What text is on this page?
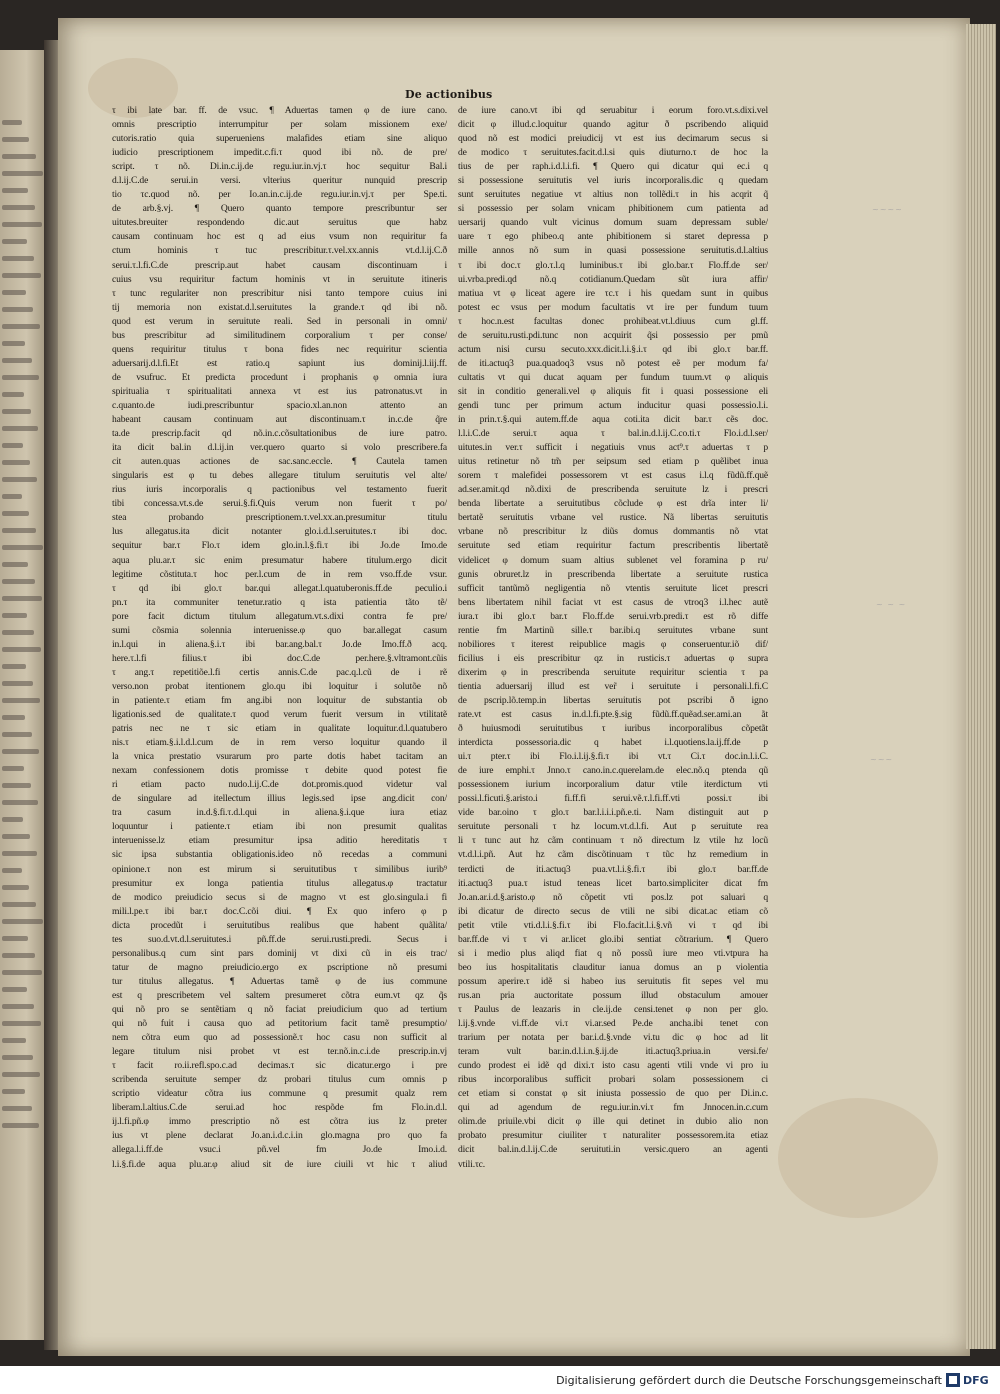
De actionibus
τ ibi late bar. ff. de vsuc. ¶ Aduertas tamen φ de iure cano.
omnis prescriptio interrumpitur per solam missionem exe/
cutoris.ratio quia superueniens malafides etiam sine aliquo
iudicio prescriptionem impedit.c.fi.τ quod ibi nõ. de pre/
script. τ nõ. Di.in.c.ij.de regu.iur.in.vj.τ hoc sequitur Bal.i
d.l.ij.C.de serui.in versi. vlterius queritur nunquid prescrip
tio τc.quod nõ. per Io.an.in.c.ij.de regu.iur.in.vj.τ per Spe.ti.
de arb.§.vj. ¶ Quero quanto tempore prescribuntur ser
uitutes.breuiter respondendo dic.aut seruitus que habz
causam continuam hoc est q ad eius vsum non requiritur fa
ctum hominis τ tuc prescribitur.τ.vel.xx.annis vt.d.l.ij.C.ð
serui.τ.l.fi.C.de prescrip.aut habet causam discontinuam i
cuius vsu requiritur factum hominis vt in seruitute itineris
τ tunc regulariter non prescribitur nisi tanto tempore cuius ini
tij memoria non existat.d.l.seruitutes la grande.τ qd ibi nõ.
quod est verum in seruitute reali. Sed in personali in omni/
bus prescribitur ad similitudinem corporalium τ per conse/
quens requiritur titulus τ bona fides nec requiritur scientia
aduersarij.d.l.fi.Et est ratio.q sapiunt ius dominij.l.iij.ff.
de vsufruc. Et predicta procedunt i prophanis φ omnia iura
spiritualia τ spiritualitati annexa vt est ius patronatus.vt in
c.quanto.de iudi.prescribuntur spacio.xl.an.non attento an
habeant causam continuam aut discontinuam.τ in.c.de q̃re
ta.de prescrip.facit qd nõ.in.c.cõsultationibus de iure patro.
ita dicit bal.in d.l.ij.in ver.quero quarto si volo prescribere.fa
cit auten.quas actiones de sac.sanc.eccle. ¶ Cautela tamen
singularis est φ tu debes allegare titulum seruitutis vel alte/
rius iuris incorporalis q pactionibus vel testamento fuerit
tibi concessa.vt.s.de serui.§.fi.Quis verum non fuerit τ po/
stea probando prescriptionem.τ.vel.xx.an.presumitur titulu
lus allegatus.ita dicit notanter glo.i.d.l.seruitutes.τ ibi doc.
sequitur bar.τ Flo.τ idem glo.in.l.§.fi.τ ibi Jo.de Imo.de
aqua plu.ar.τ sic enim presumatur habere titulum.ergo dicit
legitime cõstituta.τ hoc per.l.cum de in rem vso.ff.de vsur.
τ qd ibi glo.τ bar.qui allegat.l.quatuberonis.ff.de peculio.i
pn.τ ita communiter tenetur.ratio q ista patientia tãto tẽ/
pore facit dictum titulum allegatum.vt.s.dixi contra fe pre/
sumi cõsmia solennia interuenisse.φ quo bar.allegat casum
in.l.qui in aliena.§.i.τ ibi bar.ang.bal.τ Jo.de Imo.ff.ð acq.
here.τ.l.fi filius.τ ibi doc.C.de per.here.§.vltramont.cũis
τ ang.τ repetitiõe.l.fi certis annis.C.de pac.q.l.cũ de i rẽ
verso.non probat itentionem glo.qu ibi loquitur i solutõe nõ
in patiente.τ etiam fm ang.ibi non loquitur de substantia ob
ligationis.sed de qualitate.τ quod verum fuerit versum in vtilitatẽ
patris nec ne τ sic etiam in qualitate loquitur.d.l.quatubero
nis.τ etiam.§.i.l.d.l.cum de in rem verso loquitur quando il
la vnica prestatio vsurarum pro parte dotis habet tacitam an
nexam confessionem dotis promisse τ debite quod potest fie
ri etiam pacto nudo.l.ij.C.de dot.promis.quod videtur val
de singulare ad itellectum illius legis.sed ipse ang.dicit con/
tra casum in.d.§.fi.τ.d.l.qui in aliena.§.i.que iura etiaz
loquuntur i patiente.τ etiam ibi non presumit qualitas
interuenisse.lz etiam presumitur ipsa aditio hereditatis τ
sic ipsa substantia obligationis.ideo nõ recedas a communi
opinione.τ non est mirum si seruitutibus τ similibus iurib⁹
presumitur ex longa patientia titulus allegatus.φ tractatur
de modico preiudicio secus si de magno vt est glo.singula.i fi
mili.l.pe.τ ibi bar.τ doc.C.cõi diui. ¶ Ex quo infero φ p
dicta procedũt i seruitutibus realibus que habent quãlita/
tes suo.d.vt.d.l.seruitutes.i pñ.ff.de serui.rusti.predi. Secus i
personalibus.q cum sint pars dominij vt dixi cũ in eis trac/
tatur de magno preiudicio.ergo ex pscriptione nõ presumi
tur titulus allegatus. ¶ Aduertas tamẽ φ de ius commune
est q prescribetem vel saltem presumeret cõtra eum.vt qz q̃s
qui nõ pro se sentẽtiam q nõ faciat preiudicium quo ad tertium
qui nõ fuit i causa quo ad petitorium facit tamẽ presumptio/
nem cõtra eum quo ad possessionẽ.τ hoc casu non sufficit al
legare titulum nisi probet vt est ter.nõ.in.c.i.de prescrip.in.vj
τ facit ro.ii.refl.spo.c.ad decimas.τ sic dicatur.ergo i pre
scribenda seruitute semper dz probari titulus cum omnis p
scriptio videatur cõtra ius commune q presumit qualz rem
liberam.l.altius.C.de serui.ad hoc respõde fm Flo.in.d.l.
ij.l.fi.pñ.φ immo prescriptio nõ est cõtra ius lz preter
ius vt plene declarat Jo.an.i.d.c.i.in glo.magna pro quo fa
allega.l.i.ff.de vsuc.i pñ.vel fm Jo.de Imo.i.d.
l.i.§.fi.de aqua plu.ar.φ aliud sit de iure ciuili vt hic τ aliud
de iure cano.vt ibi qd seruabitur i eorum foro.vt.s.dixi.vel
dicit φ illud.c.loquitur quando agitur ð pscribendo aliquid
quod nõ est modici preiudicij vt est ius decimarum secus si
de modico τ seruitutes.facit.d.l.si quis diuturno.τ de hoc la
tius de per raph.i.d.l.i.fi. ¶ Quero qui dicatur qui ec.i q
si possessione seruitutis vel iuris incorporalis.dic q quedam
sunt seruitutes negatiue vt altius non tollẽdi.τ in his acqrit q̃
si possessio per solam vnicam phibitionem cum patienta ad
uersarij quando vult vicinus domum suam depressam suble/
uare τ ego phibeo.q ante phibitionem si staret depressa p
mille annos nõ sum in quasi possessione seruitutis.d.l.altius
τ ibi doc.τ glo.τ.l.q luminibus.τ ibi glo.bar.τ Flo.ff.de ser/
ui.vrba.predi.qd nõ.q cotidianum.Quedam sũt iura affir/
matiua vt φ liceat agere ire τc.τ i his quedam sunt in quibus
potest ec vsus per modum facultatis vt ire per fundum tuum
τ hoc.n.est facultas donec prohibeat.vt.l.diuus cum gl.ff.
de seruitu.rusti.pdi.tunc non acquirit q̃si possessio per pmũ
actum nisi cursu secuto.xxx.dicit.l.i.§.i.τ qd ibi glo.τ bar.ff.
de iti.actuq3 pua.quadoq3 vsus nõ potest eẽ per modum fa/
cultatis vt qui ducat aquam per fundum tuum.vt φ aliquis
sit in conditio generali.vel φ aliquis fit i quasi possessione eli
gendi tunc per primum actum inducitur quasi possessio.l.i.
in prin.τ.§.qui autem.ff.de aqua coti.ita dicit bar.τ cẽs doc.
l.l.i.C.de serui.τ aqua τ bal.in.d.l.ij.C.co.ti.τ Flo.i.d.l.ser/
uitutes.in ver.τ sufficit i negatiuis vnus act⁹.τ aduertas τ p
uitus retinetur nõ tm̃ per seipsum sed etiam p quẽlibet inua
sorem τ malefidei possessorem vt est casus i.l.q fũdũ.ff.quẽ
ad.ser.amit.qd nõ.dixi de prescribenda seruitute lz i prescri
benda libertate a seruitutibus cõclude φ est drĩa inter li/
bertatẽ seruitutis vrbane vel rustice. Nã libertas seruitutis
vrbane nõ prescribitur lz diũs domus dommantis nõ vtat
seruitute sed etiam requiritur factum prescribentis libertatẽ
videlicet φ domum suam altius sublenet vel foramina p ru/
gunis obruret.lz in prescribenda libertate a seruitute rustica
sufficit tantũmõ negligentia nõ vtentis seruitute licet prescri
bens libertatem nihil faciat vt est casus de vtroq3 i.l.hec autẽ
iura.τ ibi glo.τ bar.τ Flo.ff.de serui.vrb.predi.τ est rõ diffe
rentie fm Martinũ sille.τ bar.ibi.q seruitutes vrbane sunt
nobiliores τ iterest reipublice magis φ conseruentur.iõ dif/
ficilius i eis prescribitur qz in rusticis.τ aduertas φ supra
dixerim φ in prescribenda seruitute requiritur scientia τ pa
tientia aduersarij illud est ver̃ i seruitute i personali.l.fi.C
de pscrip.lõ.temp.in libertas seruitutis pot pscribi ð igno
rate.vt est casus in.d.l.fi.pte.§.sig fũdũ.ff.quẽad.ser.ami.an ãt
ð huiusmodi seruitutibus τ iuribus incorporalibus cõpetãt
interdicta possessoria.dic q habet i.l.quotiens.la.ij.ff.de p
ui.τ pter.τ ibi Flo.i.l.ij.§.fi.τ ibi vt.τ Ci.τ doc.in.l.i.C.
de iure emphi.τ Jnno.τ cano.in.c.querelam.de elec.nõ.q ptenda qũ
possessionem iurium incorporalium datur vtile iterdictum vti
possi.l.ficuti.§.aristo.i fi.ff.fi serui.vẽ.τ.l.fi.ff.vti possi.τ ibi
vide bar.oino τ glo.τ bar.l.i.i.i.pñ.e.ti. Nam distinguit aut p
seruitute personali τ hz locum.vt.d.l.fi. Aut p seruitute rea
li τ tunc aut hz cãm continuam τ nõ directum lz vtile hz locũ
vt.d.l.i.pñ. Aut hz cãm discõtinuam τ tũc hz remedium in
terdicti de iti.actuq3 pua.vt.l.i.§.fi.τ ibi glo.τ bar.ff.de
iti.actuq3 pua.τ istud teneas licet barto.simpliciter dicat fm
Jo.an.ar.i.d.§.aristo.φ nõ cõpetit vti pos.lz pot saluari q
ibi dicatur de directo secus de vtili ne sibi dicat.ac etiam cõ
petit vtile vti.d.l.i.§.fi.τ ibi Flo.facit.l.i.§.vñ vi τ qd ibi
bar.ff.de vi τ vi ar.licet glo.ibi sentiat cõtrarium. ¶ Quero
si i medio plus aliqd fiat q nõ possũ iure meo vti.vtpura ha
beo ius hospitalitatis clauditur ianua domus an p violentia
possum aperire.τ idẽ si habeo ius seruitutis fit sepes vel mu
rus.an pria auctoritate possum illud obstaculum amouer
τ Paulus de leazaris in cle.ij.de censi.tenet φ non per glo.
l.ij.§.vnde vi.ff.de vi.τ vi.ar.sed Pe.de ancha.ibi tenet con
trarium per notata per bar.i.d.§.vnde vi.tu dic φ hoc ad lit
teram vult bar.in.d.l.i.n.§.ij.de iti.actuq3.priua.in versi.fe/
cundo prodest ei idẽ qd dixi.τ isto casu agenti vtili vnde vi pro iu
ribus incorporalibus sufficit probari solam possessionem ci
cet etiam si constat φ sit iniusta possessio de quo per Di.in.c.
qui ad agendum de regu.iur.in.vi.τ fm Jnnocen.in.c.cum
olim.de priuile.vbi dicit φ ille qui detinet in dubio alio non
probato presumitur ciuiliter τ naturaliter possessorem.ita etiaz
dicit bal.in.d.l.ij.C.de seruituti.in versic.quero an agenti
vtili.τc.
~~~~
~ ~ ~
~~~
Digitalisierung gefördert durch die Deutsche Forschungsgemeinschaft DFG
